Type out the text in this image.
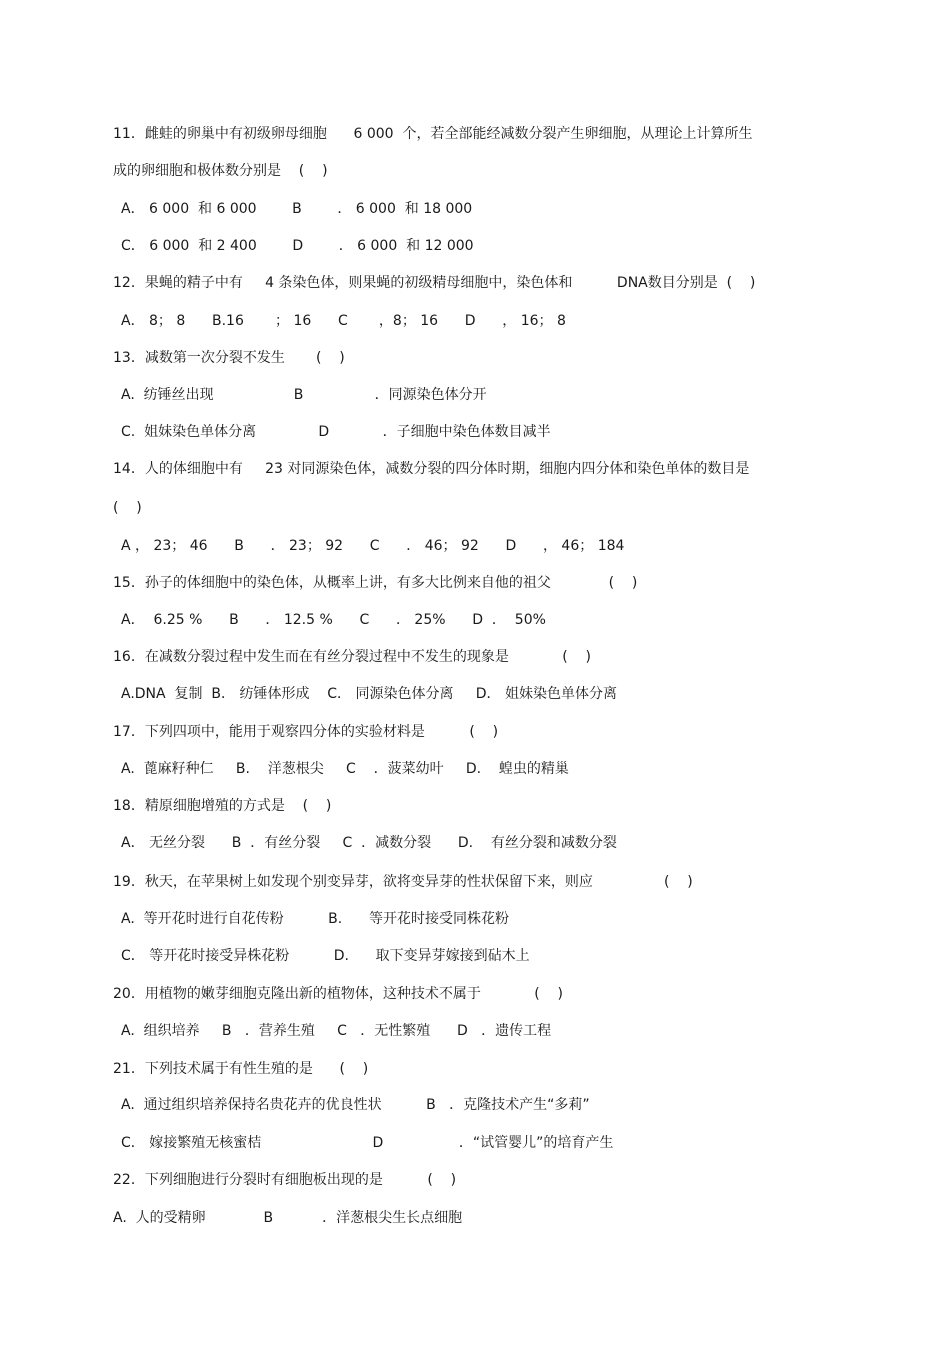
11．雌蛙的卵巢中有初级卵母细胞      6 000  个，若全部能经减数分裂产生卵细胞，从理论上计算所生
成的卵细胞和极体数分别是    (    )
A． 6 000  和 6 000        B        ． 6 000  和 18 000
C． 6 000  和 2 400        D        ． 6 000  和 12 000
12．果蝇的精子中有     4 条染色体，则果蝇的初级精母细胞中，染色体和          DNA数目分别是  (    )
A． 8； 8      B.16       ； 16      C       ，8； 16      D      ， 16； 8
13．减数第一次分裂不发生       (    )
A.  纺锤丝出现                  B                ．同源染色体分开
C.  姐妹染色单体分离              D            ．子细胞中染色体数目减半
14．人的体细胞中有     23 对同源染色体，减数分裂的四分体时期，细胞内四分体和染色单体的数目是
(    )
A ， 23； 46      B      ． 23； 92      C      ． 46； 92      D      ， 46； 184
15．孙子的体细胞中的染色体，从概率上讲，有多大比例来自他的祖父             (    )
A．  6.25 %      B      ． 12.5 %      C      ． 25%      D  ．  50%
16．在减数分裂过程中发生而在有丝分裂过程中不发生的现象是            (    )
A.DNA  复制  B． 纺锤体形成    C． 同源染色体分离     D． 姐妹染色单体分离
17．下列四项中，能用于观察四分体的实验材料是          (    )
A.  蓖麻籽种仁     B.    洋葱根尖     C    ．菠菜幼叶     D.    蝗虫的精巢
18．精原细胞增殖的方式是    (    )
A． 无丝分裂      B  ．有丝分裂     C  ．减数分裂      D.    有丝分裂和减数分裂
19．秋天，在苹果树上如发现个别变异芽，欲将变异芽的性状保留下来，则应                (    )
A.  等开花时进行自花传粉          B.      等开花时接受同株花粉
C． 等开花时接受异株花粉          D.      取下变异芽嫁接到砧木上
20．用植物的嫩芽细胞克隆出新的植物体，这种技术不属于            (    )
A.  组织培养     B   ．营养生殖     C   ．无性繁殖      D   ．遗传工程
21．下列技术属于有性生殖的是      (    )
A.  通过组织培养保持名贵花卉的优良性状          B   ．克隆技术产生“多莉”
C． 嫁接繁殖无核蜜桔                         D                 ．“试管婴儿”的培育产生
22．下列细胞进行分裂时有细胞板出现的是          (    )
A.  人的受精卵             B           ．洋葱根尖生长点细胞
